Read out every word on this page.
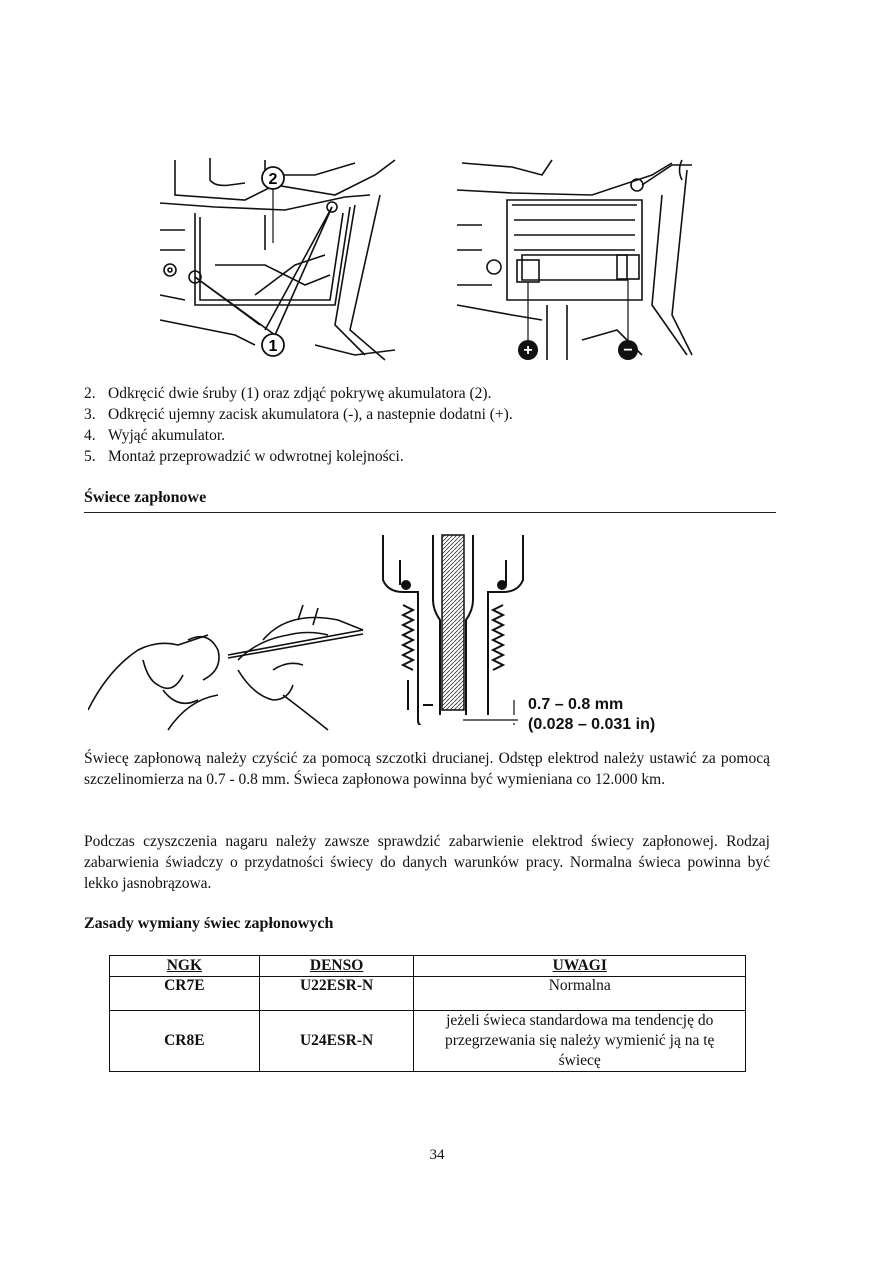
2
1	+	−
2. Odkręcić dwie śruby (1) oraz zdjąć pokrywę akumulatora (2).
3. Odkręcić ujemny zacisk akumulatora (-), a nastepnie dodatni (+).
4. Wyjąć akumulator.
5. Montaż przeprowadzić w odwrotnej kolejności.
Świece zapłonowe
0.7 – 0.8 mm
(0.028 – 0.031 in)
Świecę zapłonową należy czyścić za pomocą szczotki drucianej. Odstęp elektrod należy ustawić za pomocą szczelinomierza na 0.7 - 0.8 mm. Świeca zapłonowa powinna być wymieniana co 12.000 km.
Podczas czyszczenia nagaru należy zawsze sprawdzić zabarwienie elektrod świecy zapłonowej. Rodzaj zabarwienia świadczy o przydatności świecy do danych warunków pracy. Normalna świeca powinna być lekko jasnobrązowa.
Zasady wymiany świec zapłonowych
NGK	DENSO	UWAGI
CR7E	U22ESR-N	Normalna
CR8E	U24ESR-N	jeżeli świeca standardowa ma tendencję do przegrzewania się należy wymienić ją na tę świecę
34
